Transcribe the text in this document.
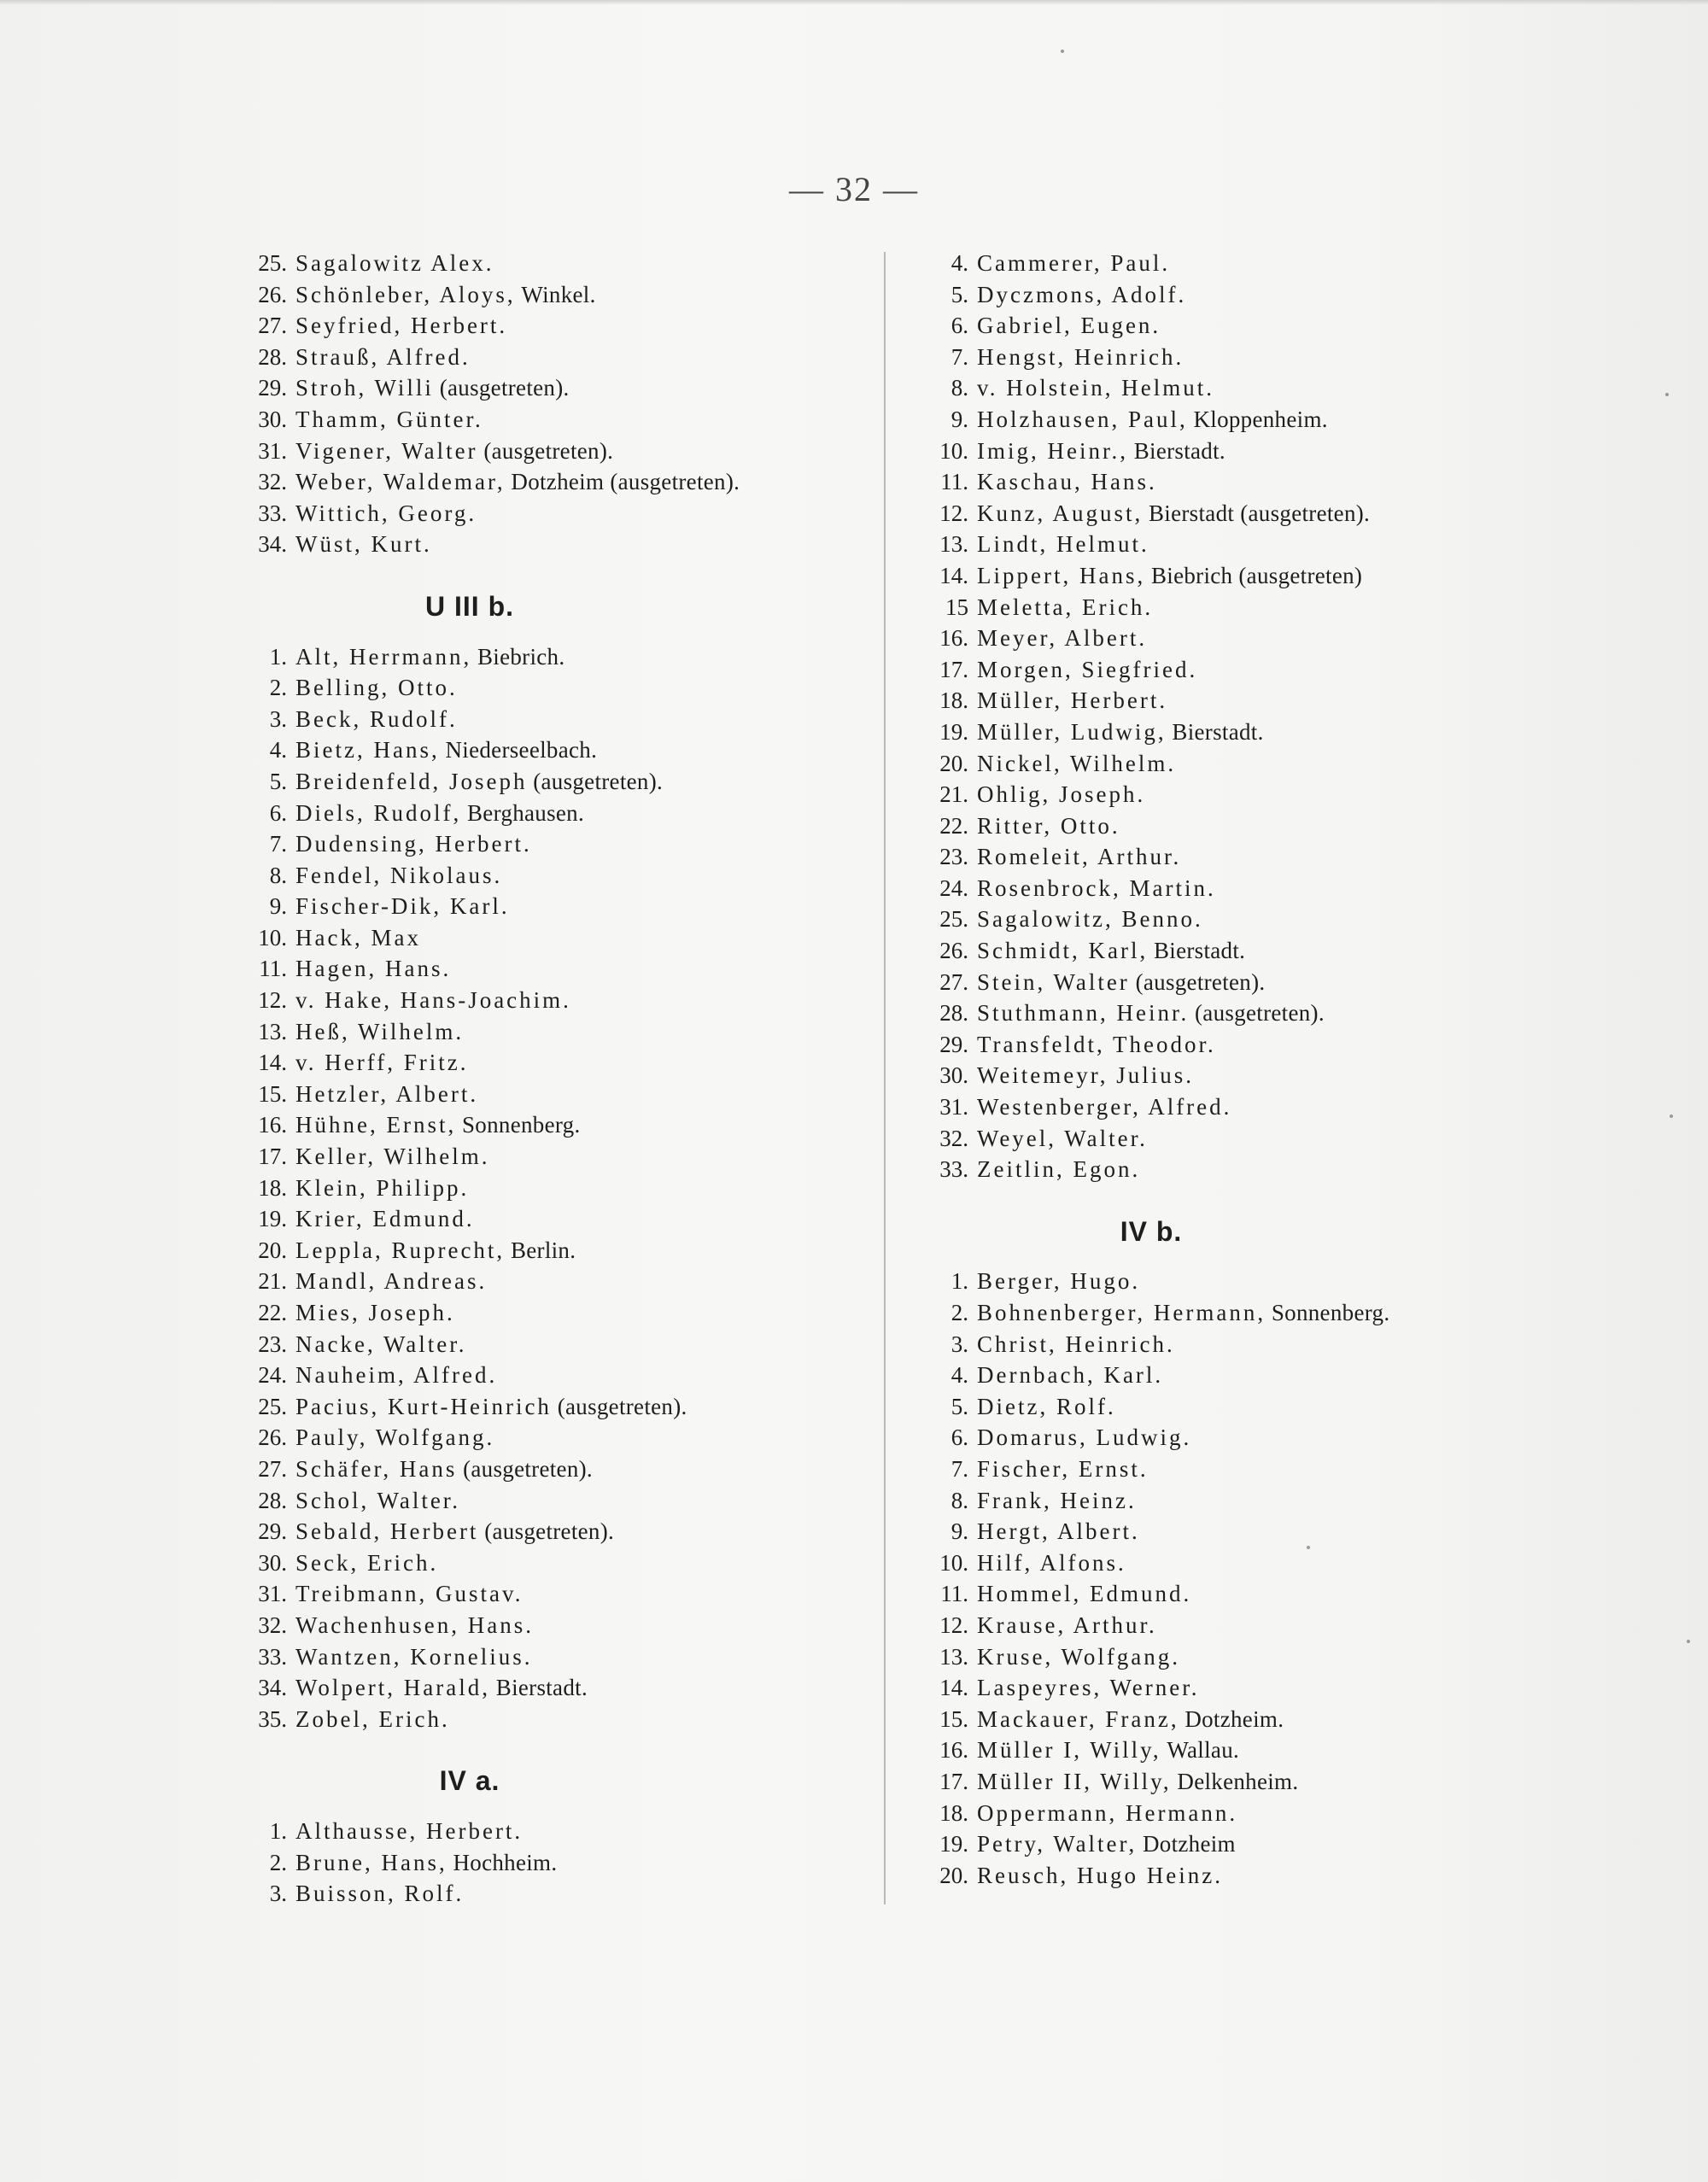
— 32 —
25. Sagalowitz Alex.
26. Schönleber, Aloys, Winkel.
27. Seyfried, Herbert.
28. Strauß, Alfred.
29. Stroh, Willi (ausgetreten).
30. Thamm, Günter.
31. Vigener, Walter (ausgetreten).
32. Weber, Waldemar, Dotzheim (ausgetreten).
33. Wittich, Georg.
34. Wüst, Kurt.
U III b.
1. Alt, Herrmann, Biebrich.
2. Belling, Otto.
3. Beck, Rudolf.
4. Bietz, Hans, Niederseelbach.
5. Breidenfeld, Joseph (ausgetreten).
6. Diels, Rudolf, Berghausen.
7. Dudensing, Herbert.
8. Fendel, Nikolaus.
9. Fischer-Dik, Karl.
10. Hack, Max
11. Hagen, Hans.
12. v. Hake, Hans-Joachim.
13. Heß, Wilhelm.
14. v. Herff, Fritz.
15. Hetzler, Albert.
16. Hühne, Ernst, Sonnenberg.
17. Keller, Wilhelm.
18. Klein, Philipp.
19. Krier, Edmund.
20. Leppla, Ruprecht, Berlin.
21. Mandl, Andreas.
22. Mies, Joseph.
23. Nacke, Walter.
24. Nauheim, Alfred.
25. Pacius, Kurt-Heinrich (ausgetreten).
26. Pauly, Wolfgang.
27. Schäfer, Hans (ausgetreten).
28. Schol, Walter.
29. Sebald, Herbert (ausgetreten).
30. Seck, Erich.
31. Treibmann, Gustav.
32. Wachenhusen, Hans.
33. Wantzen, Kornelius.
34. Wolpert, Harald, Bierstadt.
35. Zobel, Erich.
IV a.
1. Althausse, Herbert.
2. Brune, Hans, Hochheim.
3. Buisson, Rolf.
4. Cammerer, Paul.
5. Dyczmons, Adolf.
6. Gabriel, Eugen.
7. Hengst, Heinrich.
8. v. Holstein, Helmut.
9. Holzhausen, Paul, Kloppenheim.
10. Imig, Heinr., Bierstadt.
11. Kaschau, Hans.
12. Kunz, August, Bierstadt (ausgetreten).
13. Lindt, Helmut.
14. Lippert, Hans, Biebrich (ausgetreten)
15 Meletta, Erich.
16. Meyer, Albert.
17. Morgen, Siegfried.
18. Müller, Herbert.
19. Müller, Ludwig, Bierstadt.
20. Nickel, Wilhelm.
21. Ohlig, Joseph.
22. Ritter, Otto.
23. Romeleit, Arthur.
24. Rosenbrock, Martin.
25. Sagalowitz, Benno.
26. Schmidt, Karl, Bierstadt.
27. Stein, Walter (ausgetreten).
28. Stuthmann, Heinr. (ausgetreten).
29. Transfeldt, Theodor.
30. Weitemeyr, Julius.
31. Westenberger, Alfred.
32. Weyel, Walter.
33. Zeitlin, Egon.
IV b.
1. Berger, Hugo.
2. Bohnenberger, Hermann, Sonnenberg.
3. Christ, Heinrich.
4. Dernbach, Karl.
5. Dietz, Rolf.
6. Domarus, Ludwig.
7. Fischer, Ernst.
8. Frank, Heinz.
9. Hergt, Albert.
10. Hilf, Alfons.
11. Hommel, Edmund.
12. Krause, Arthur.
13. Kruse, Wolfgang.
14. Laspeyres, Werner.
15. Mackauer, Franz, Dotzheim.
16. Müller I, Willy, Wallau.
17. Müller II, Willy, Delkenheim.
18. Oppermann, Hermann.
19. Petry, Walter, Dotzheim
20. Reusch, Hugo Heinz.
